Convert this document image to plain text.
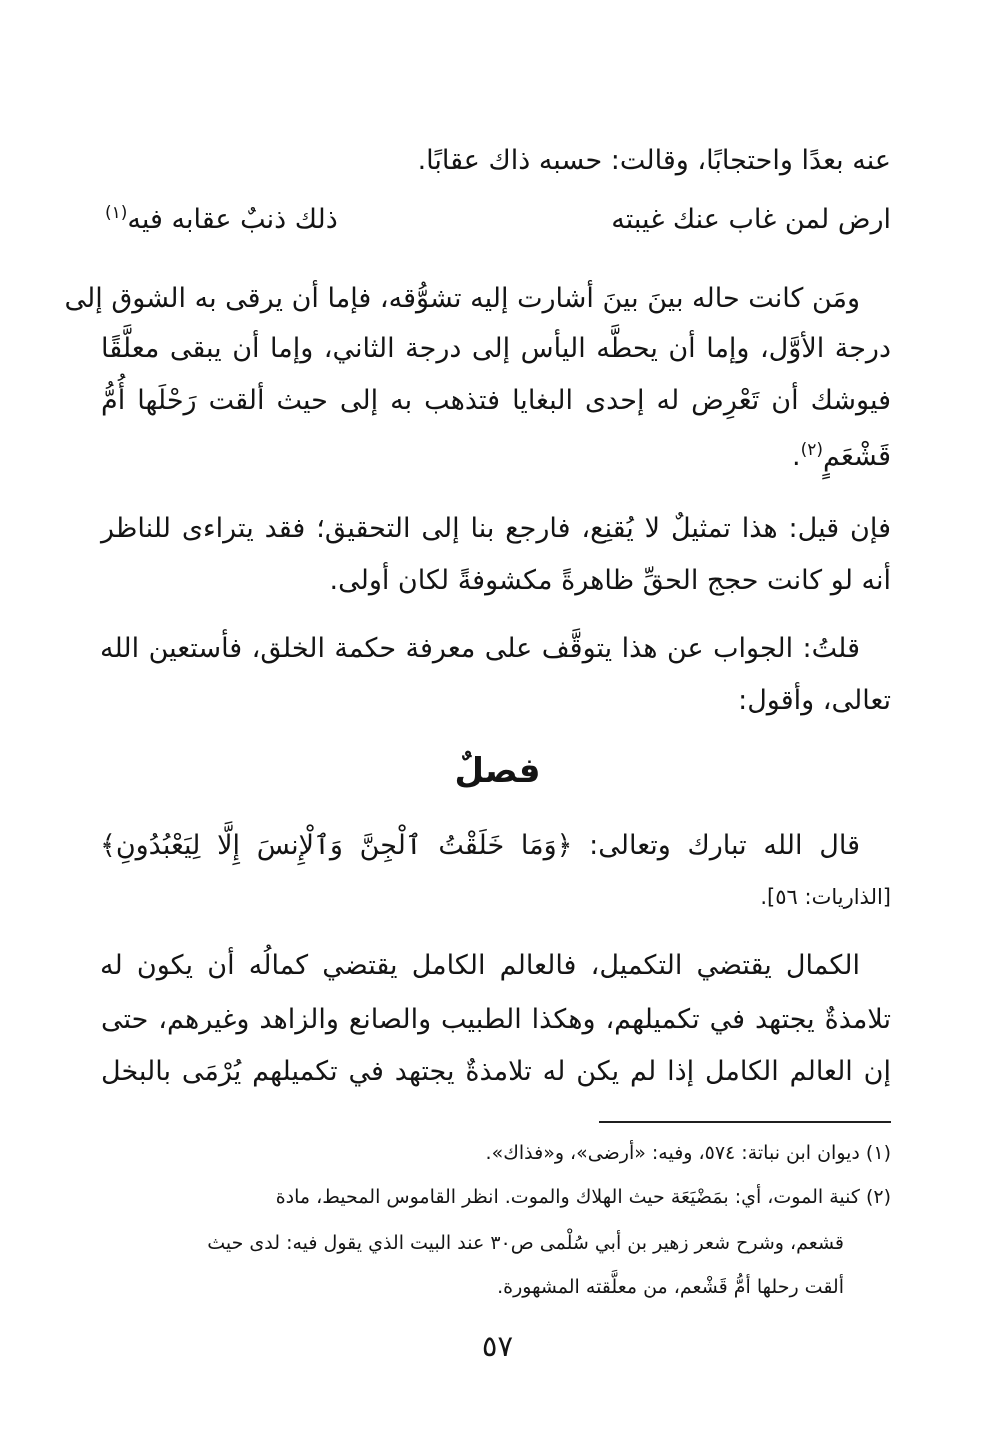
عنه بعدًا واحتجابًا، وقالت: حسبه ذاك عقابًا.
ارض لمن غاب عنك غيبته
ذلك ذنبٌ عقابه فيه$^{(١)}$
ومَن كانت حاله بينَ بينَ أشارت إليه تشوُّقه، فإما أن يرقى به الشوق إلى
درجة الأوَّل، وإما أن يحطَّه اليأس إلى درجة الثاني، وإما أن يبقى معلَّقًا
فيوشك أن تَعْرِض له إحدى البغايا فتذهب به إلى حيث ألقت رَحْلَها أُمُّ
قَشْعَمٍ$^{(٢)}$.
فإن قيل: هذا تمثيلٌ لا يُقنِع، فارجع بنا إلى التحقيق؛ فقد يتراءى للناظر
أنه لو كانت حجج الحقِّ ظاهرةً مكشوفةً لكان أولى.
قلتُ: الجواب عن هذا يتوقَّف على معرفة حكمة الخلق، فأستعين الله
تعالى، وأقول:
فصلٌ
قال الله تبارك وتعالى: ﴿وَمَا خَلَقْتُ ٱلْجِنَّ وَٱلْإِنسَ إِلَّا لِيَعْبُدُونِ﴾
[الذاريات: ٥٦].
الكمال يقتضي التكميل، فالعالم الكامل يقتضي كمالُه أن يكون له
تلامذةٌ يجتهد في تكميلهم، وهكذا الطبيب والصانع والزاهد وغيرهم، حتى
إن العالم الكامل إذا لم يكن له تلامذةٌ يجتهد في تكميلهم يُرْمَى بالبخل
(١) ديوان ابن نباتة: ٥٧٤، وفيه: «أرضى»، و«فذاك».
(٢) كنية الموت، أي: بمَضْيَعَة حيث الهلاك والموت. انظر القاموس المحيط، مادة
قشعم، وشرح شعر زهير بن أبي سُلْمى ص٣٠ عند البيت الذي يقول فيه: لدى حيث
ألقت رحلها أمُّ قَشْعم، من معلَّقته المشهورة.
٥٧
